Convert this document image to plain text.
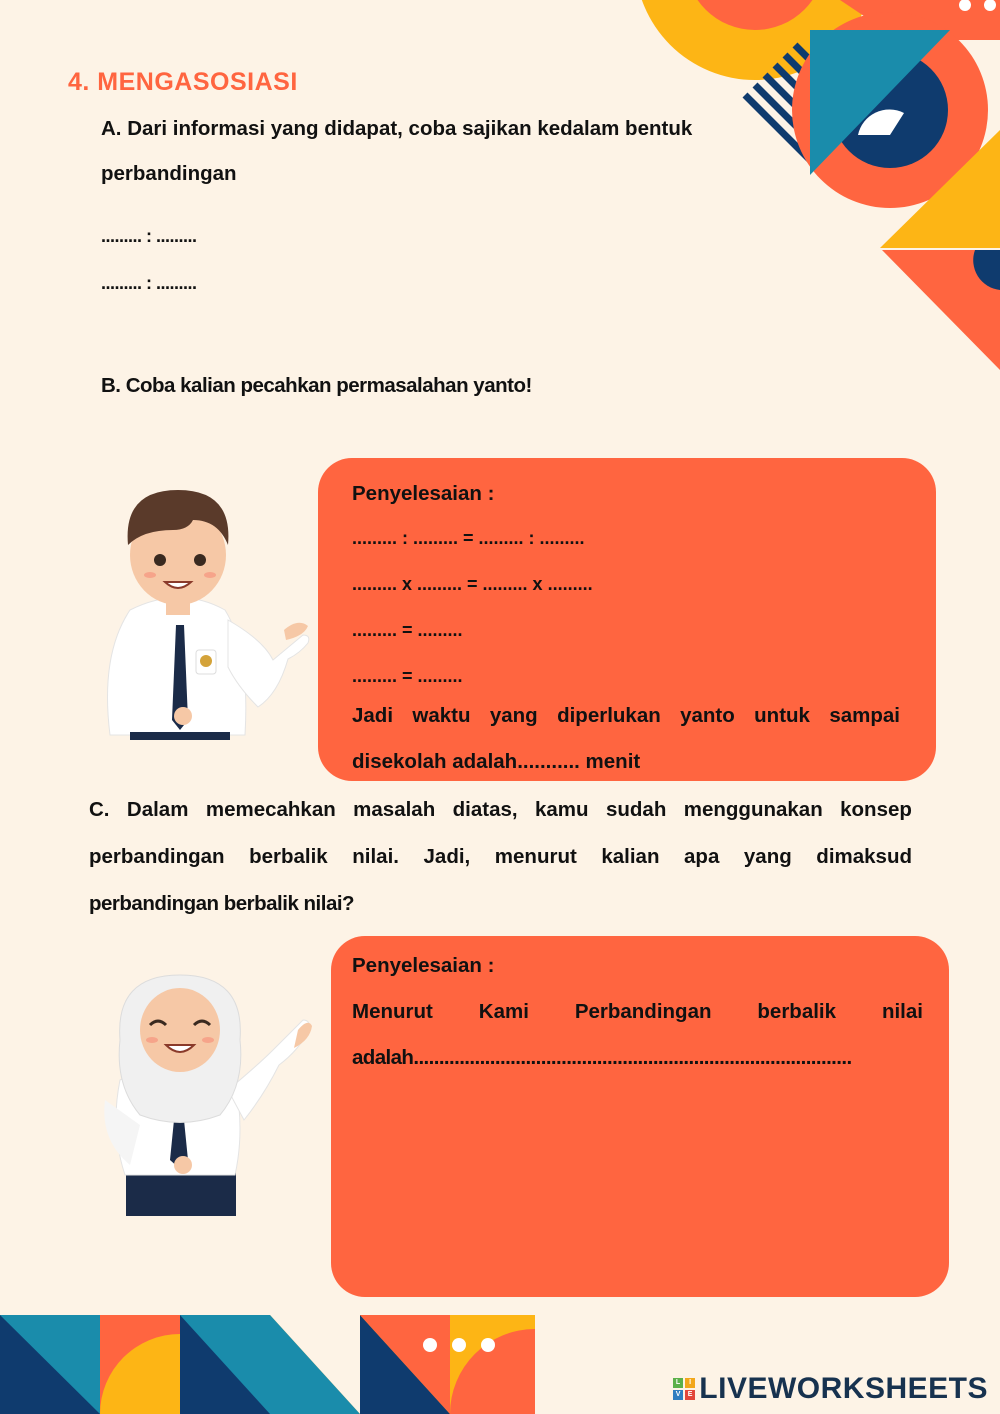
4. MENGASOSIASI

A. Dari informasi yang didapat, coba sajikan kedalam bentuk

perbandingan

......... : .........

......... : .........

B. Coba kalian pecahkan permasalahan yanto!

Penyelesaian :

......... : ......... = ......... : .........

......... x ......... = ......... x .........

......... = .........

......... = .........

Jadi waktu yang diperlukan yanto untuk sampai

disekolah adalah........... menit

C. Dalam memecahkan masalah diatas, kamu sudah menggunakan konsep
perbandingan berbalik nilai. Jadi, menurut kalian apa yang dimaksud

perbandingan berbalik nilai?

Penyelesaian :

Menurut Kami Perbandingan berbalik nilai

adalah......................................................................................

L	I
V E LIVEWORKSHEETS
